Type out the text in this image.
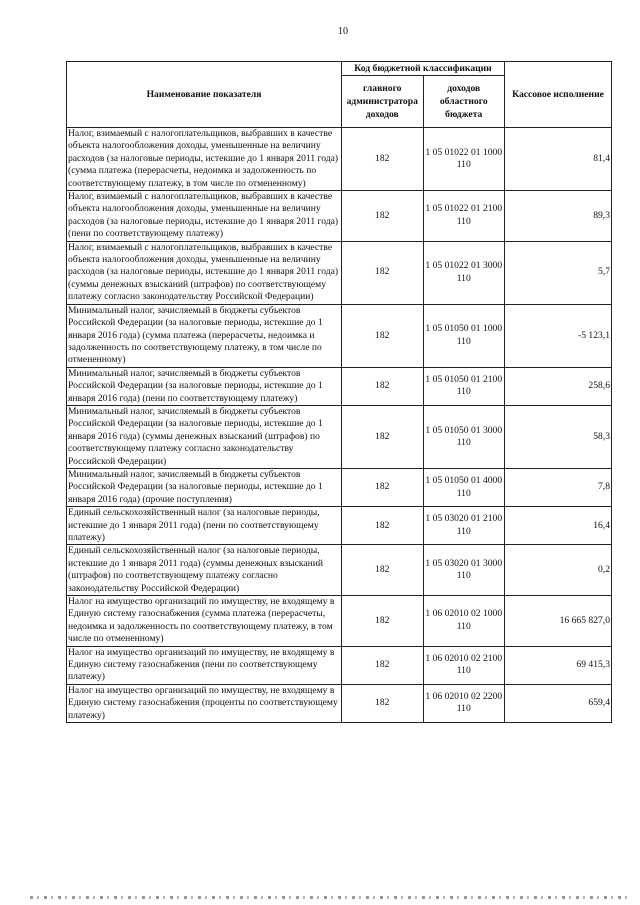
10
Наименование показателя	Код бюджетной классификации		Кассовое исполнение
	главного администратора доходов	доходов областного бюджета	
Налог, взимаемый с налогоплательщиков, выбравших в качестве объекта налогообложения доходы, уменьшенные на величину расходов (за налоговые периоды, истекшие до 1 января 2011 года) (сумма платежа (перерасчеты, недоимка и задолженность по соответствующему платежу, в том числе по отмененному)	182	1 05 01022 01 1000 110	81,4
Налог, взимаемый с налогоплательщиков, выбравших в качестве объекта налогообложения доходы, уменьшенные на величину расходов (за налоговые периоды, истекшие до 1 января 2011 года) (пени по соответствующему платежу)	182	1 05 01022 01 2100 110	89,3
Налог, взимаемый с налогоплательщиков, выбравших в качестве объекта налогообложения доходы, уменьшенные на величину расходов (за налоговые периоды, истекшие до 1 января 2011 года) (суммы денежных взысканий (штрафов) по соответствующему платежу согласно законодательству Российской Федерации)	182	1 05 01022 01 3000 110	5,7
Минимальный налог, зачисляемый в бюджеты субъектов Российской Федерации (за налоговые периоды, истекшие до 1 января 2016 года) (сумма платежа (перерасчеты, недоимка и задолженность по соответствующему платежу, в том числе по отмененному)	182	1 05 01050 01 1000 110	-5 123,1
Минимальный налог, зачисляемый в бюджеты субъектов Российской Федерации (за налоговые периоды, истекшие до 1 января 2016 года) (пени по соответствующему платежу)	182	1 05 01050 01 2100 110	258,6
Минимальный налог, зачисляемый в бюджеты субъектов Российской Федерации (за налоговые периоды, истекшие до 1 января 2016 года) (суммы денежных взысканий (штрафов) по соответствующему платежу согласно законодательству Российской Федерации)	182	1 05 01050 01 3000 110	58,3
Минимальный налог, зачисляемый в бюджеты субъектов Российской Федерации (за налоговые периоды, истекшие до 1 января 2016 года) (прочие поступления)	182	1 05 01050 01 4000 110	7,8
Единый сельскохозяйственный налог (за налоговые периоды, истекшие до 1 января 2011 года) (пени по соответствующему платежу)	182	1 05 03020 01 2100 110	16,4
Единый сельскохозяйственный налог (за налоговые периоды, истекшие до 1 января 2011 года) (суммы денежных взысканий (штрафов) по соответствующему платежу согласно законодательству Российской Федерации)	182	1 05 03020 01 3000 110	0,2
Налог на имущество организаций по имуществу, не входящему в Единую систему газоснабжения (сумма платежа (перерасчеты, недоимка и задолженность по соответствующему платежу, в том числе по отмененному)	182	1 06 02010 02 1000 110	16 665 827,0
Налог на имущество организаций по имуществу, не входящему в Единую систему газоснабжения (пени по соответствующему платежу)	182	1 06 02010 02 2100 110	69 415,3
Налог на имущество организаций по имуществу, не входящему в Единую систему газоснабжения (проценты по соответствующему платежу)	182	1 06 02010 02 2200 110	659,4
